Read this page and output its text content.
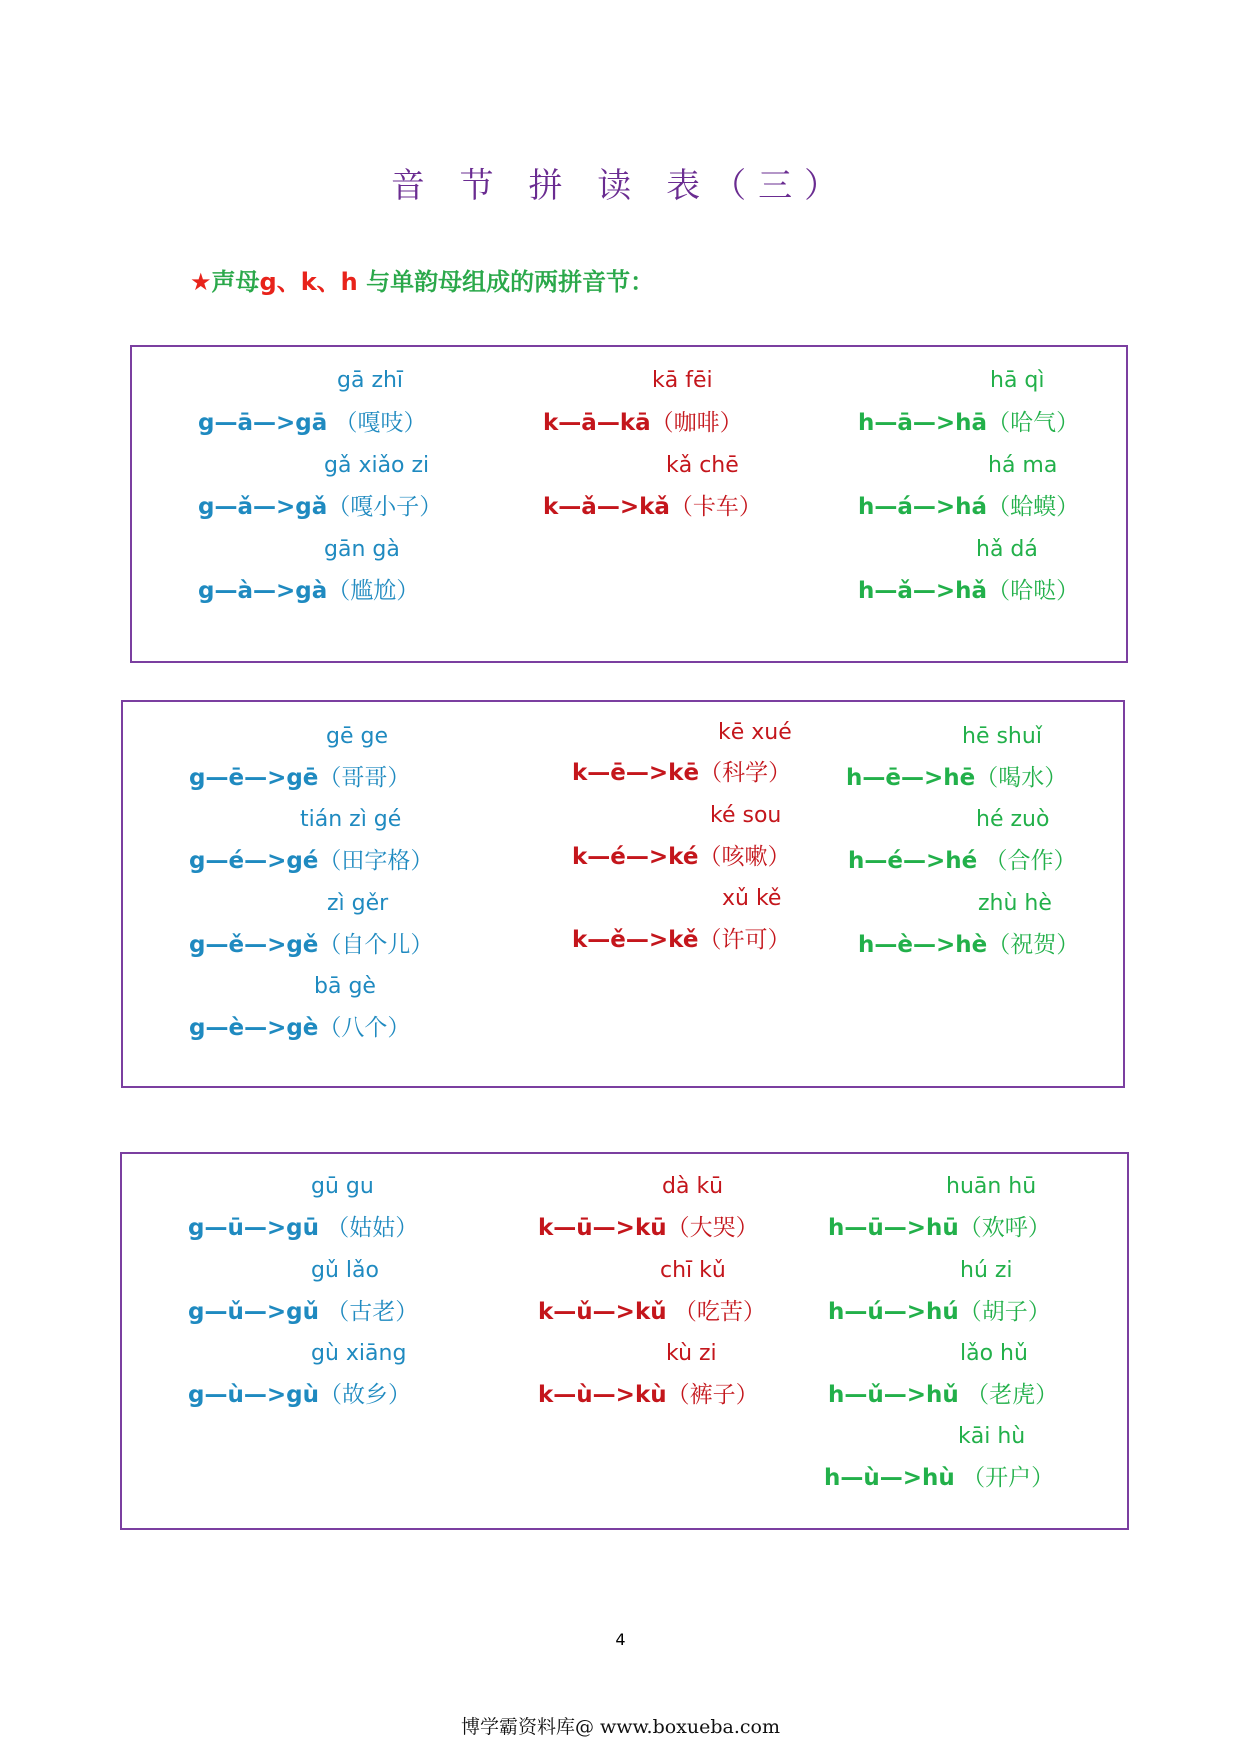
音 节 拼 读 表（三）
★声母g、k、h 与单韵母组成的两拼音节：
gā zhī
g—ā—>gā （嘎吱）
gǎ xiǎo zi
g—ǎ—>gǎ（嘎小子）
gān gà
g—à—>gà（尴尬）
kā fēi
k—ā—kā（咖啡）
kǎ chē
k—ǎ—>kǎ（卡车）
hā qì
h—ā—>hā（哈气）
há ma
h—á—>há（蛤蟆）
hǎ dá
h—ǎ—>hǎ（哈哒）
gē ge
g—ē—>gē（哥哥）
tián zì gé
g—é—>gé（田字格）
zì gěr
g—ě—>gě（自个儿）
bā gè
g—è—>gè（八个）
kē xué
k—ē—>kē（科学）
ké sou
k—é—>ké（咳嗽）
xǔ kě
k—ě—>kě（许可）
hē shuǐ
h—ē—>hē（喝水）
hé zuò
h—é—>hé （合作）
zhù hè
h—è—>hè（祝贺）
gū gu
g—ū—>gū （姑姑）
gǔ lǎo
g—ǔ—>gǔ （古老）
gù xiāng
g—ù—>gù（故乡）
dà kū
k—ū—>kū（大哭）
chī kǔ
k—ǔ—>kǔ （吃苦）
kù zi
k—ù—>kù（裤子）
huān hū
h—ū—>hū（欢呼）
hú zi
h—ú—>hú（胡子）
lǎo hǔ
h—ǔ—>hǔ （老虎）
kāi hù
h—ù—>hù （开户）
4
博学霸资料库@ www.boxueba.com
